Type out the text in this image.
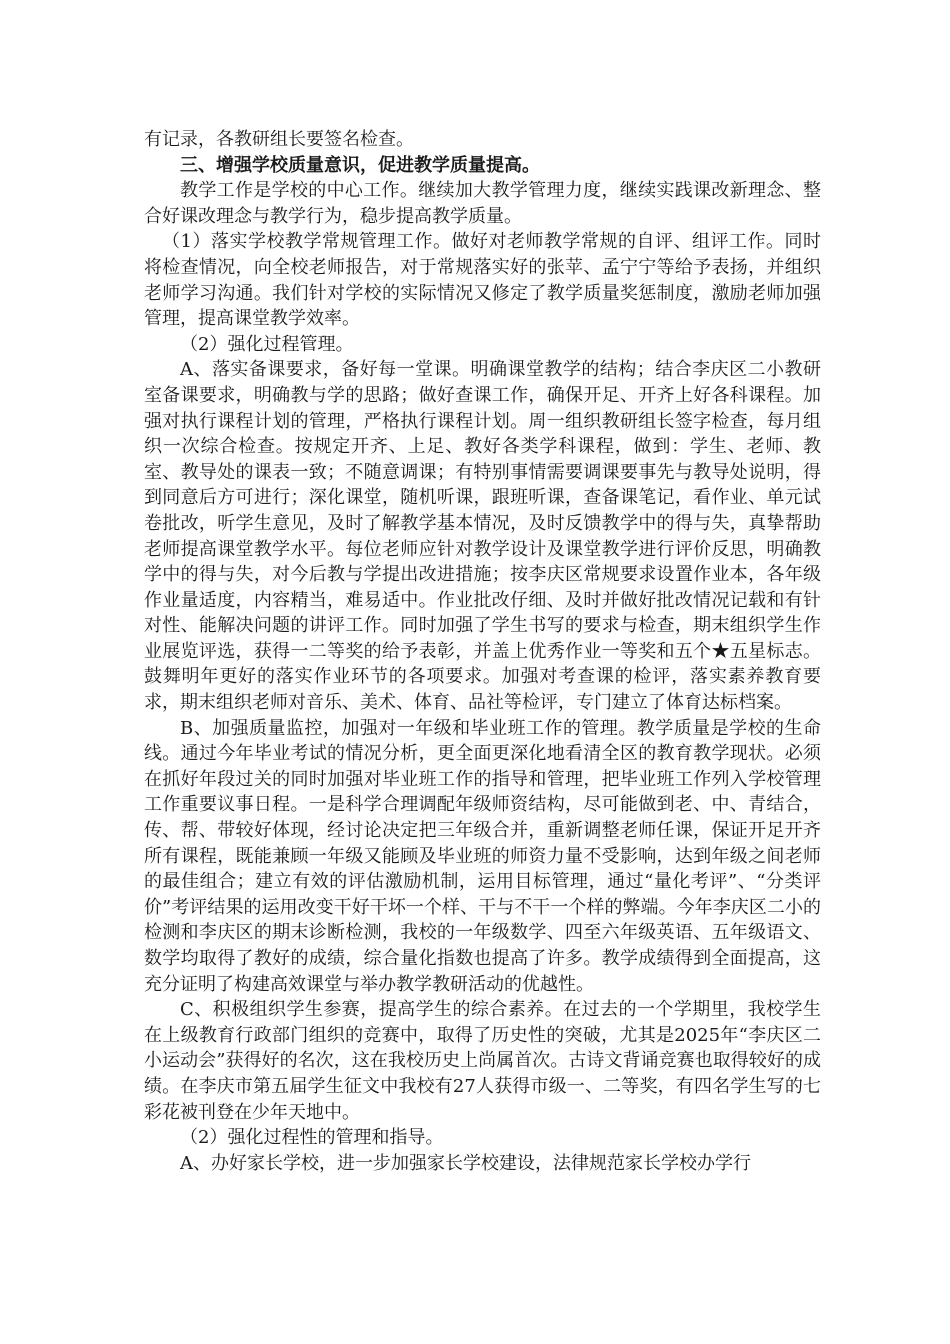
有记录，各教研组长要签名检查。

三、增强学校质量意识，促进教学质量提高。

教学工作是学校的中心工作。继续加大教学管理力度，继续实践课改新理念、整合好课改理念与教学行为，稳步提高教学质量。

（1）落实学校教学常规管理工作。做好对老师教学常规的自评、组评工作。同时将检查情况，向全校老师报告，对于常规落实好的张苹、孟宁宁等给予表扬，并组织老师学习沟通。我们针对学校的实际情况又修定了教学质量奖惩制度，激励老师加强管理，提高课堂教学效率。

（2）强化过程管理。

A、落实备课要求，备好每一堂课。明确课堂教学的结构；结合李庆区二小教研室备课要求，明确教与学的思路；做好查课工作，确保开足、开齐上好各科课程。加强对执行课程计划的管理，严格执行课程计划。周一组织教研组长签字检查，每月组织一次综合检查。按规定开齐、上足、教好各类学科课程，做到：学生、老师、教室、教导处的课表一致；不随意调课；有特别事情需要调课要事先与教导处说明，得到同意后方可进行；深化课堂，随机听课，跟班听课，查备课笔记，看作业、单元试卷批改，听学生意见，及时了解教学基本情况，及时反馈教学中的得与失，真挚帮助老师提高课堂教学水平。每位老师应针对教学设计及课堂教学进行评价反思，明确教学中的得与失，对今后教与学提出改进措施；按李庆区常规要求设置作业本，各年级作业量适度，内容精当，难易适中。作业批改仔细、及时并做好批改情况记载和有针对性、能解决问题的讲评工作。同时加强了学生书写的要求与检查，期末组织学生作业展览评选，获得一二等奖的给予表彰，并盖上优秀作业一等奖和五个★五星标志。鼓舞明年更好的落实作业环节的各项要求。加强对考查课的检评，落实素养教育要求，期末组织老师对音乐、美术、体育、品社等检评，专门建立了体育达标档案。

B、加强质量监控，加强对一年级和毕业班工作的管理。教学质量是学校的生命线。通过今年毕业考试的情况分析，更全面更深化地看清全区的教育教学现状。必须在抓好年段过关的同时加强对毕业班工作的指导和管理，把毕业班工作列入学校管理工作重要议事日程。一是科学合理调配年级师资结构，尽可能做到老、中、青结合，传、帮、带较好体现，经讨论决定把三年级合并，重新调整老师任课，保证开足开齐所有课程，既能兼顾一年级又能顾及毕业班的师资力量不受影响，达到年级之间老师的最佳组合；建立有效的评估激励机制，运用目标管理，通过“量化考评”、“分类评价”考评结果的运用改变干好干坏一个样、干与不干一个样的弊端。今年李庆区二小的检测和李庆区的期末诊断检测，我校的一年级数学、四至六年级英语、五年级语文、数学均取得了教好的成绩，综合量化指数也提高了许多。教学成绩得到全面提高，这充分证明了构建高效课堂与举办教学教研活动的优越性。

C、积极组织学生参赛，提高学生的综合素养。在过去的一个学期里，我校学生在上级教育行政部门组织的竞赛中，取得了历史性的突破，尤其是2025年“李庆区二小运动会”获得好的名次，这在我校历史上尚属首次。古诗文背诵竞赛也取得较好的成绩。在李庆市第五届学生征文中我校有27人获得市级一、二等奖，有四名学生写的七彩花被刊登在少年天地中。

（2）强化过程性的管理和指导。

A、办好家长学校，进一步加强家长学校建设，法律规范家长学校办学行
